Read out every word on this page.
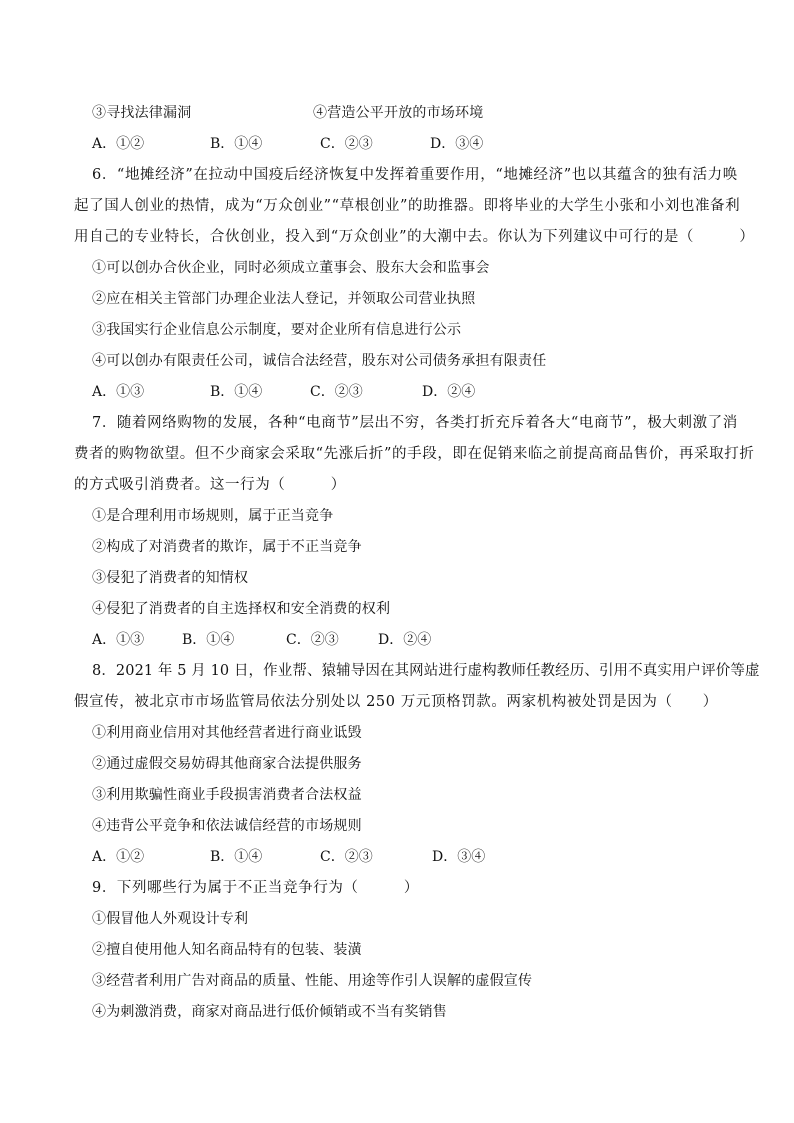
③寻找法律漏洞	④营造公平开放的市场环境
A．①②	B．①④	C．②③	D．③④
6．“地摊经济”在拉动中国疫后经济恢复中发挥着重要作用，“地摊经济”也以其蕴含的独有活力唤
起了国人创业的热情，成为“万众创业”“草根创业”的助推器。即将毕业的大学生小张和小刘也准备利
用自己的专业特长，合伙创业，投入到“万众创业”的大潮中去。你认为下列建议中可行的是（　　　）
①可以创办合伙企业，同时必须成立董事会、股东大会和监事会
②应在相关主管部门办理企业法人登记，并领取公司营业执照
③我国实行企业信息公示制度，要对企业所有信息进行公示
④可以创办有限责任公司，诚信合法经营，股东对公司债务承担有限责任
A．①③	B．①④	C．②③	D．②④
7．随着网络购物的发展，各种“电商节”层出不穷，各类打折充斥着各大“电商节”，极大刺激了消
费者的购物欲望。但不少商家会采取“先涨后折”的手段，即在促销来临之前提高商品售价，再采取打折
的方式吸引消费者。这一行为（　　　）
①是合理利用市场规则，属于正当竞争
②构成了对消费者的欺诈，属于不正当竞争
③侵犯了消费者的知情权
④侵犯了消费者的自主选择权和安全消费的权利
A．①③	B．①④	C．②③	D．②④
8．2021 年 5 月 10 日，作业帮、猿辅导因在其网站进行虚构教师任教经历、引用不真实用户评价等虚
假宣传，被北京市市场监管局依法分别处以 250 万元顶格罚款。两家机构被处罚是因为（　　）
①利用商业信用对其他经营者进行商业诋毁
②通过虚假交易妨碍其他商家合法提供服务
③利用欺骗性商业手段损害消费者合法权益
④违背公平竞争和依法诚信经营的市场规则
A．①②	B．①④	C．②③	D．③④
9．下列哪些行为属于不正当竞争行为（　　　）
①假冒他人外观设计专利
②擅自使用他人知名商品特有的包装、装潢
③经营者利用广告对商品的质量、性能、用途等作引人误解的虚假宣传
④为刺激消费，商家对商品进行低价倾销或不当有奖销售
